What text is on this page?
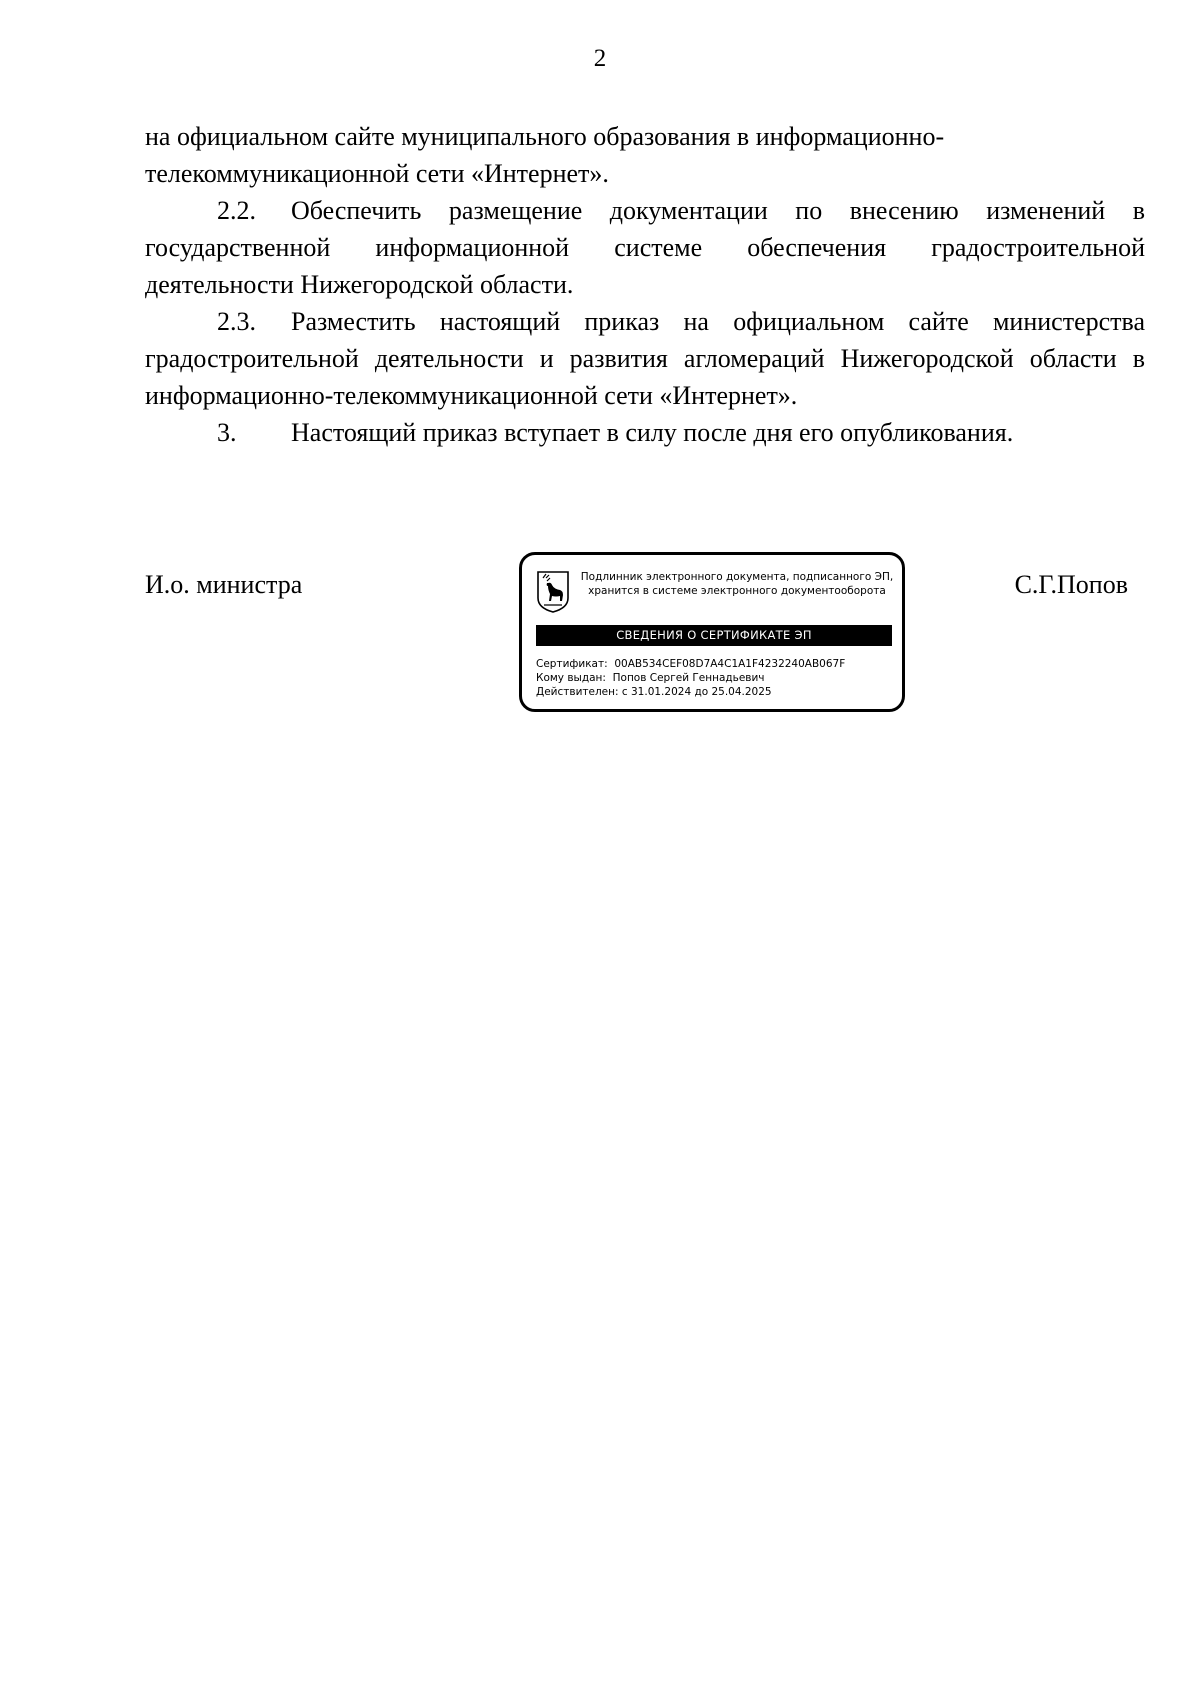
2

на официальном сайте муниципального образования в информационно-

телекоммуникационной сети «Интернет».

2.2. Обеспечить размещение документации по внесению изменений в государственной информационной системе обеспечения градостроительной деятельности Нижегородской области.

2.3. Разместить настоящий приказ на официальном сайте министерства градостроительной деятельности и развития агломераций Нижегородской области в информационно-телекоммуникационной сети «Интернет».

3. Настоящий приказ вступает в силу после дня его опубликования.

И.о. министра	С.Г.Попов
Подлинник электронного документа, подписанного ЭП,
хранится в системе электронного документооборота
СВЕДЕНИЯ О СЕРТИФИКАТЕ ЭП
Сертификат: 00AB534CEF08D7A4C1A1F4232240AB067F
Кому выдан: Попов Сергей Геннадьевич
Действителен: с 31.01.2024 до 25.04.2025
